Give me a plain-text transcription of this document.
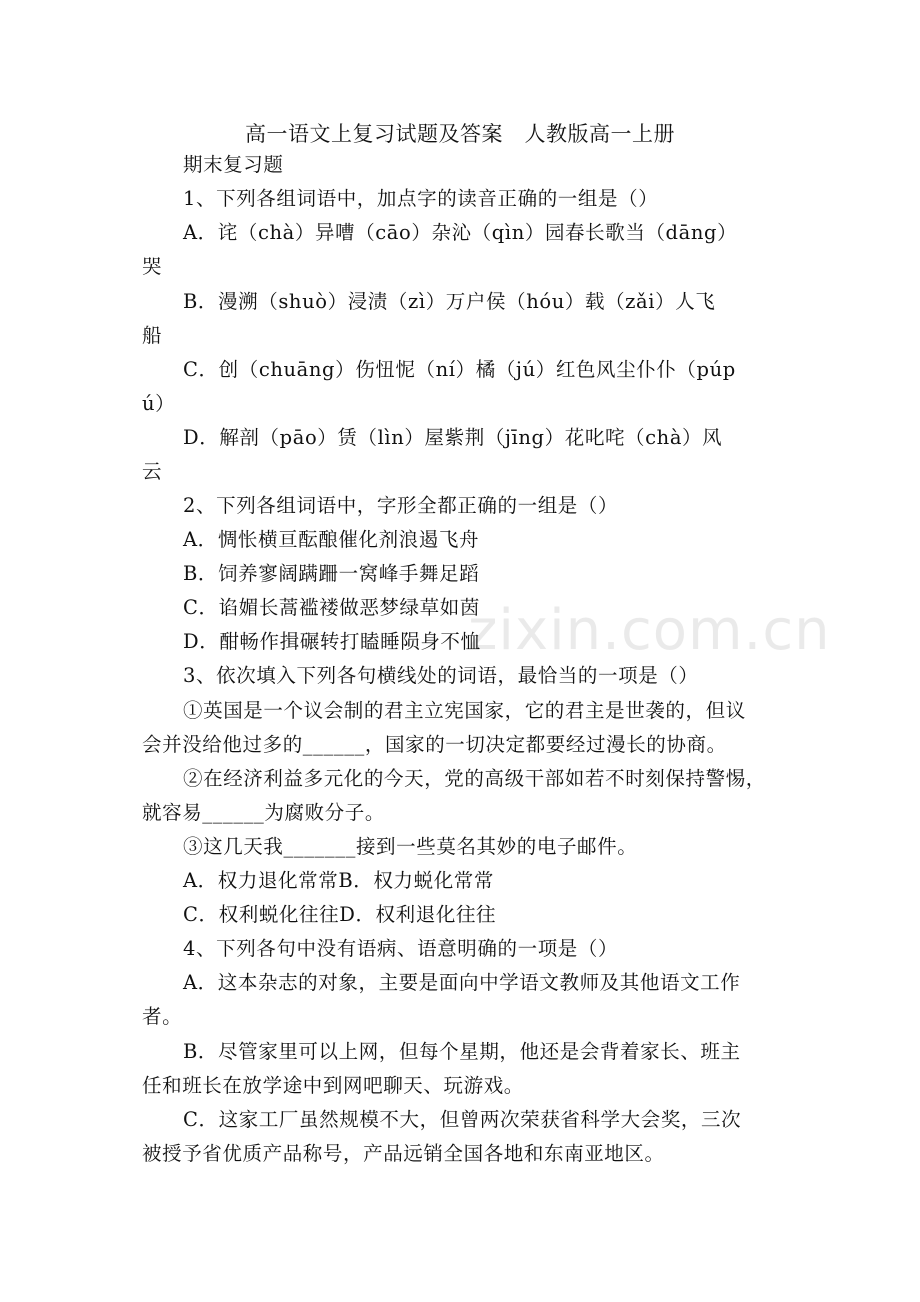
zixin.com.cn
高一语文上复习试题及答案   人教版高一上册
期末复习题
1、下列各组词语中，加点字的读音正确的一组是（）
A．诧（chà）异嘈（cāo）杂沁（qìn）园春长歌当（dāng）
哭
B．漫溯（shuò）浸渍（zì）万户侯（hóu）载（zǎi）人飞
船
C．创（chuāng）伤忸怩（ní）橘（jú）红色风尘仆仆（púp
ú）
D．解剖（pāo）赁（lìn）屋紫荆（jīng）花叱咤（chà）风
云
2、下列各组词语中，字形全都正确的一组是（）
A．惆怅横亘酝酿催化剂浪遏飞舟
B．饲养寥阔蹒跚一窝峰手舞足蹈
C．谄媚长蒿褴褛做恶梦绿草如茵
D．酣畅作揖碾转打瞌睡陨身不恤
3、依次填入下列各句横线处的词语，最恰当的一项是（）
①英国是一个议会制的君主立宪国家，它的君主是世袭的，但议
会并没给他过多的______，国家的一切决定都要经过漫长的协商。
②在经济利益多元化的今天，党的高级干部如若不时刻保持警惕，
就容易______为腐败分子。
③这几天我_______接到一些莫名其妙的电子邮件。
A．权力退化常常B．权力蜕化常常
C．权利蜕化往往D．权利退化往往
4、下列各句中没有语病、语意明确的一项是（）
A．这本杂志的对象，主要是面向中学语文教师及其他语文工作
者。
B．尽管家里可以上网，但每个星期，他还是会背着家长、班主
任和班长在放学途中到网吧聊天、玩游戏。
C．这家工厂虽然规模不大，但曾两次荣获省科学大会奖，三次
被授予省优质产品称号，产品远销全国各地和东南亚地区。
